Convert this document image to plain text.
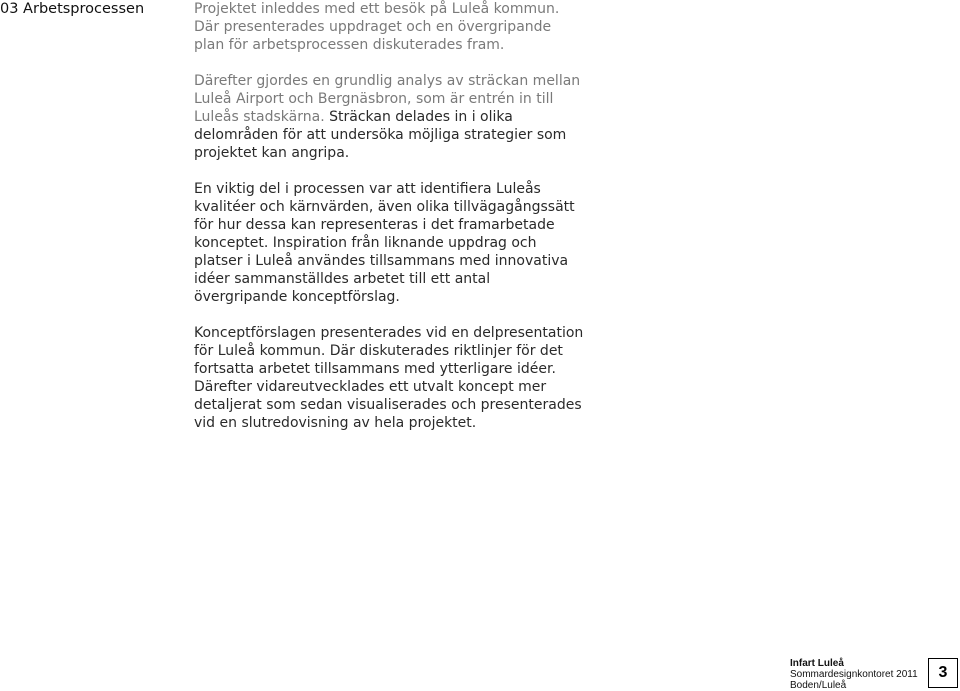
03 Arbetsprocessen	Projektet inleddes med ett besök på Luleå kommun. Där presenterades uppdraget och en övergripande plan för arbetsprocessen diskuterades fram.

Därefter gjordes en grundlig analys av sträckan mellan Luleå Airport och Bergnäsbron, som är entrén in till Luleås stadskärna. Sträckan delades in i olika delområden för att undersöka möjliga strategier som projektet kan angripa.

En viktig del i processen var att identifiera Luleås kvalitéer och kärnvärden, även olika tillvägagångssätt för hur dessa kan representeras i det framarbetade konceptet. Inspiration från liknande uppdrag och platser i Luleå användes tillsammans med innovativa idéer sammanställdes arbetet till ett antal övergripande konceptförslag.

Konceptförslagen presenterades vid en delpresentation för Luleå kommun. Där diskuterades riktlinjer för det fortsatta arbetet tillsammans med ytterligare idéer. Därefter vidareutvecklades ett utvalt koncept mer detaljerat som sedan visualiserades och presenterades vid en slutredovisning av hela projektet.

Infart Luleå
Sommardesignkontoret 2011
Boden/Luleå
3
